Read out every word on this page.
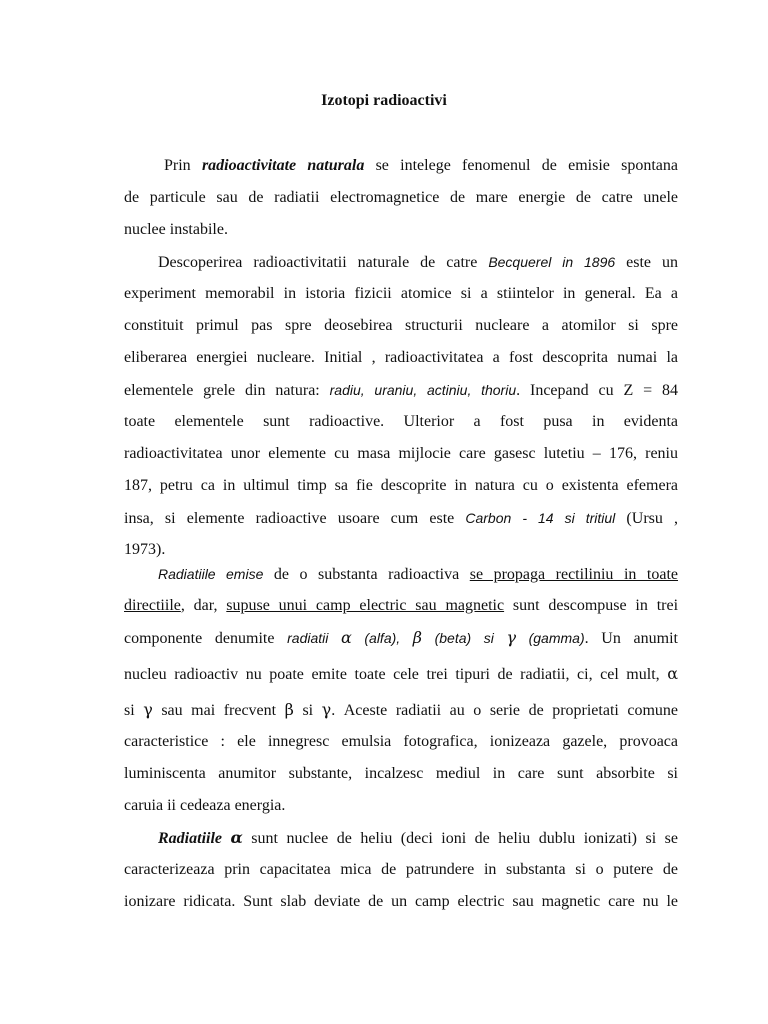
Izotopi radioactivi
Prin radioactivitate naturala se intelege fenomenul de emisie spontana
de particule sau de radiatii electromagnetice de mare energie de catre unele
nuclee instabile.
Descoperirea radioactivitatii naturale de catre Becquerel in 1896 este un
experiment memorabil in istoria fizicii atomice si a stiintelor in general. Ea a
constituit primul pas spre deosebirea structurii nucleare a atomilor si spre
eliberarea energiei nucleare. Initial , radioactivitatea a fost descoprita numai la
elementele grele din natura: radiu, uraniu, actiniu, thoriu. Incepand cu Z = 84
toate elementele sunt radioactive. Ulterior a fost pusa in evidenta
radioactivitatea unor elemente cu masa mijlocie care gasesc lutetiu – 176, reniu
187, petru ca in ultimul timp sa fie descoprite in natura cu o existenta efemera
insa, si elemente radioactive usoare cum este Carbon - 14 si tritiul (Ursu ,
1973).
Radiatiile emise de o substanta radioactiva se propaga rectiliniu in toate
directiile, dar, supuse unui camp electric sau magnetic sunt descompuse in trei
componente denumite radiatii α (alfa), β (beta) si γ (gamma). Un anumit
nucleu radioactiv nu poate emite toate cele trei tipuri de radiatii, ci, cel mult, α
si γ sau mai frecvent β si γ. Aceste radiatii au o serie de proprietati comune
caracteristice : ele innegresc emulsia fotografica, ionizeaza gazele, provoaca
luminiscenta anumitor substante, incalzesc mediul in care sunt absorbite si
caruia ii cedeaza energia.
Radiatiile α sunt nuclee de heliu (deci ioni de heliu dublu ionizati) si se
caracterizeaza prin capacitatea mica de patrundere in substanta si o putere de
ionizare ridicata. Sunt slab deviate de un camp electric sau magnetic care nu le
